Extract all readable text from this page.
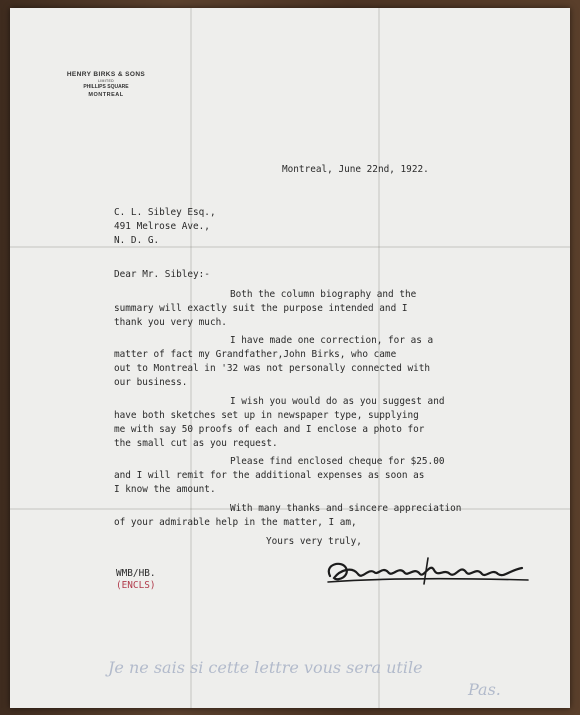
HENRY BIRKS & SONS
LIMITED
PHILLIPS SQUARE
MONTREAL
Montreal, June 22nd, 1922.
C. L. Sibley Esq.,
491 Melrose Ave.,
N. D. G.
Dear Mr. Sibley:-
Both the column biography and the
summary will exactly suit the purpose intended and I
thank you very much.
I have made one correction, for as a
matter of fact my Grandfather,John Birks, who came
out to Montreal in '32 was not personally connected with
our business.
I wish you would do as you suggest and
have both sketches set up in newspaper type, supplying
me with say 50 proofs of each and I enclose a photo for
the small cut as you request.
Please find enclosed cheque for $25.00
and I will remit for the additional expenses as soon as
I know the amount.
With many thanks and sincere appreciation
of your admirable help in the matter, I am,
Yours very truly,
WMB/HB.
(ENCLS)
Je ne sais si cette lettre vous sera utile
Pas.
